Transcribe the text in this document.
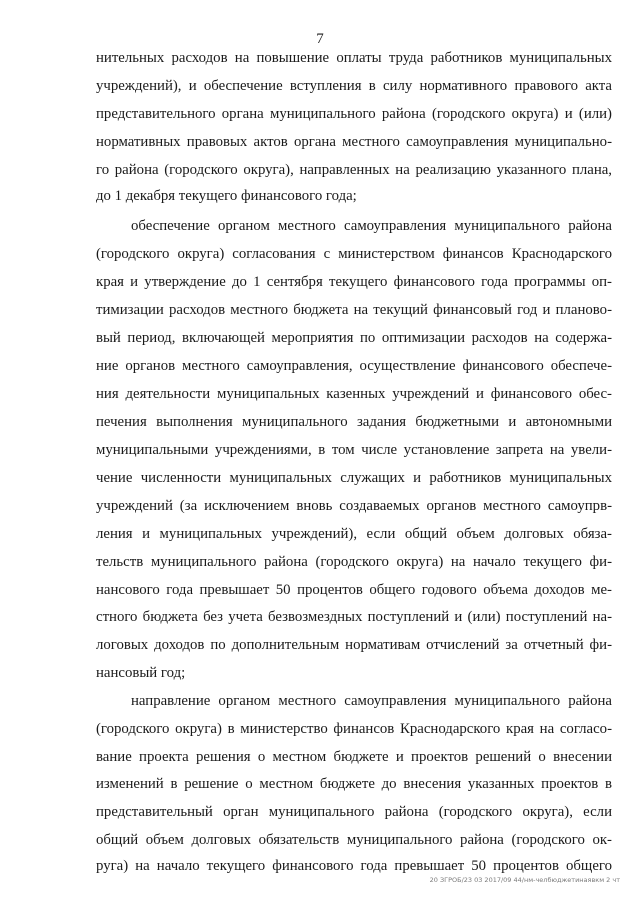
7
нительных расходов на повышение оплаты труда работников муниципальных
учреждений), и обеспечение вступления в силу нормативного правового акта
представительного органа муниципального района (городского округа) и (или)
нормативных правовых актов органа местного самоуправления муниципально-
го района (городского округа), направленных на реализацию указанного плана,
до 1 декабря текущего финансового года;
обеспечение органом местного самоуправления муниципального района
(городского округа) согласования с министерством финансов Краснодарского
края и утверждение до 1 сентября текущего финансового года программы оп-
тимизации расходов местного бюджета на текущий финансовый год и планово-
вый период, включающей мероприятия по оптимизации расходов на содержа-
ние органов местного самоуправления, осуществление финансового обеспече-
ния деятельности муниципальных казенных учреждений и финансового обес-
печения выполнения муниципального задания бюджетными и автономными
муниципальными учреждениями, в том числе установление запрета на увели-
чение численности муниципальных служащих и работников муниципальных
учреждений (за исключением вновь создаваемых органов местного самоупрв-
ления и муниципальных учреждений), если общий объем долговых обяза-
тельств муниципального района (городского округа) на начало текущего фи-
нансового года превышает 50 процентов общего годового объема доходов ме-
стного бюджета без учета безвозмездных поступлений и (или) поступлений на-
логовых доходов по дополнительным нормативам отчислений за отчетный фи-
нансовый год;
направление органом местного самоуправления муниципального района
(городского округа) в министерство финансов Краснодарского края на согласо-
вание проекта решения о местном бюджете и проектов решений о внесении
изменений в решение о местном бюджете до внесения указанных проектов в
представительный орган муниципального района (городского округа), если
общий объем долговых обязательств муниципального района (городского ок-
руга) на начало текущего финансового года превышает 50 процентов общего
20 ЗГРОБ/23 03 2017/09 44/нм-челбюджетинаявкм 2 чт
